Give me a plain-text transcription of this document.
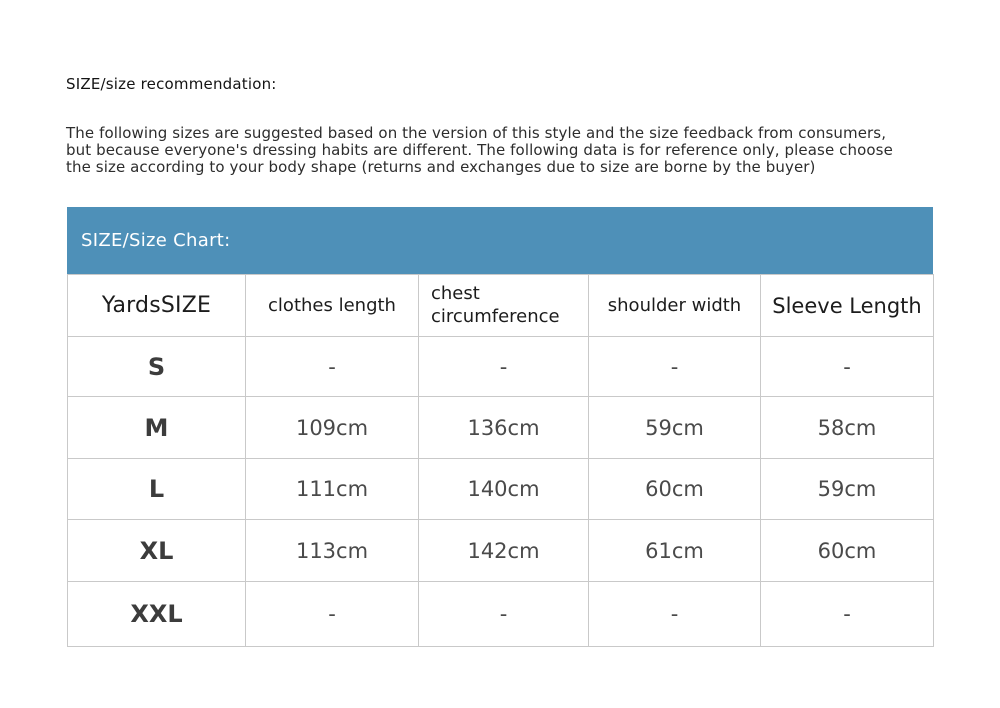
SIZE/size recommendation:
The following sizes are suggested based on the version of this style and the size feedback from consumers,
but because everyone's dressing habits are different. The following data is for reference only, please choose
the size according to your body shape (returns and exchanges due to size are borne by the buyer)
SIZE/Size Chart:
YardsSIZE	clothes length	chest circumference	shoulder width	Sleeve Length
S	-	-	-	-
M	109cm	136cm	59cm	58cm
L	111cm	140cm	60cm	59cm
XL	113cm	142cm	61cm	60cm
XXL	-	-	-	-
